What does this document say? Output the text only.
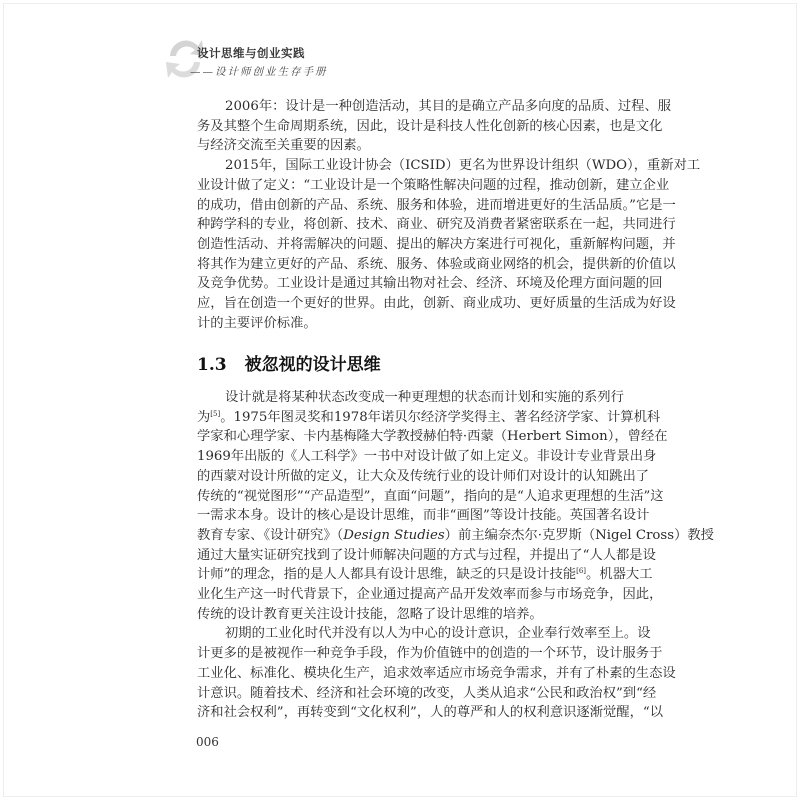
设计思维与创业实践
——设计师创业生存手册
2006年：设计是一种创造活动，其目的是确立产品多向度的品质、过程、服
务及其整个生命周期系统，因此，设计是科技人性化创新的核心因素，也是文化
与经济交流至关重要的因素。
2015年，国际工业设计协会（ICSID）更名为世界设计组织（WDO），重新对工
业设计做了定义：“工业设计是一个策略性解决问题的过程，推动创新，建立企业
的成功，借由创新的产品、系统、服务和体验，进而增进更好的生活品质。”它是一
种跨学科的专业，将创新、技术、商业、研究及消费者紧密联系在一起，共同进行
创造性活动、并将需解决的问题、提出的解决方案进行可视化，重新解构问题，并
将其作为建立更好的产品、系统、服务、体验或商业网络的机会，提供新的价值以
及竞争优势。工业设计是通过其输出物对社会、经济、环境及伦理方面问题的回
应，旨在创造一个更好的世界。由此，创新、商业成功、更好质量的生活成为好设
计的主要评价标准。
1.3 被忽视的设计思维
设计就是将某种状态改变成一种更理想的状态而计划和实施的系列行
为[5]。1975年图灵奖和1978年诺贝尔经济学奖得主、著名经济学家、计算机科
学家和心理学家、卡内基梅隆大学教授赫伯特·西蒙（Herbert Simon），曾经在
1969年出版的《人工科学》一书中对设计做了如上定义。非设计专业背景出身
的西蒙对设计所做的定义，让大众及传统行业的设计师们对设计的认知跳出了
传统的“视觉图形”“产品造型”，直面“问题”，指向的是“人追求更理想的生活”这
一需求本身。设计的核心是设计思维，而非“画图”等设计技能。英国著名设计
教育专家、《设计研究》（Design Studies）前主编奈杰尔·克罗斯（Nigel Cross）教授
通过大量实证研究找到了设计师解决问题的方式与过程，并提出了“人人都是设
计师”的理念，指的是人人都具有设计思维，缺乏的只是设计技能[6]。机器大工
业化生产这一时代背景下，企业通过提高产品开发效率而参与市场竞争，因此，
传统的设计教育更关注设计技能，忽略了设计思维的培养。
初期的工业化时代并没有以人为中心的设计意识，企业奉行效率至上。设
计更多的是被视作一种竞争手段，作为价值链中的创造的一个环节，设计服务于
工业化、标准化、模块化生产，追求效率适应市场竞争需求，并有了朴素的生态设
计意识。随着技术、经济和社会环境的改变，人类从追求“公民和政治权”到“经
济和社会权利”，再转变到“文化权利”，人的尊严和人的权利意识逐渐觉醒，“以
006
